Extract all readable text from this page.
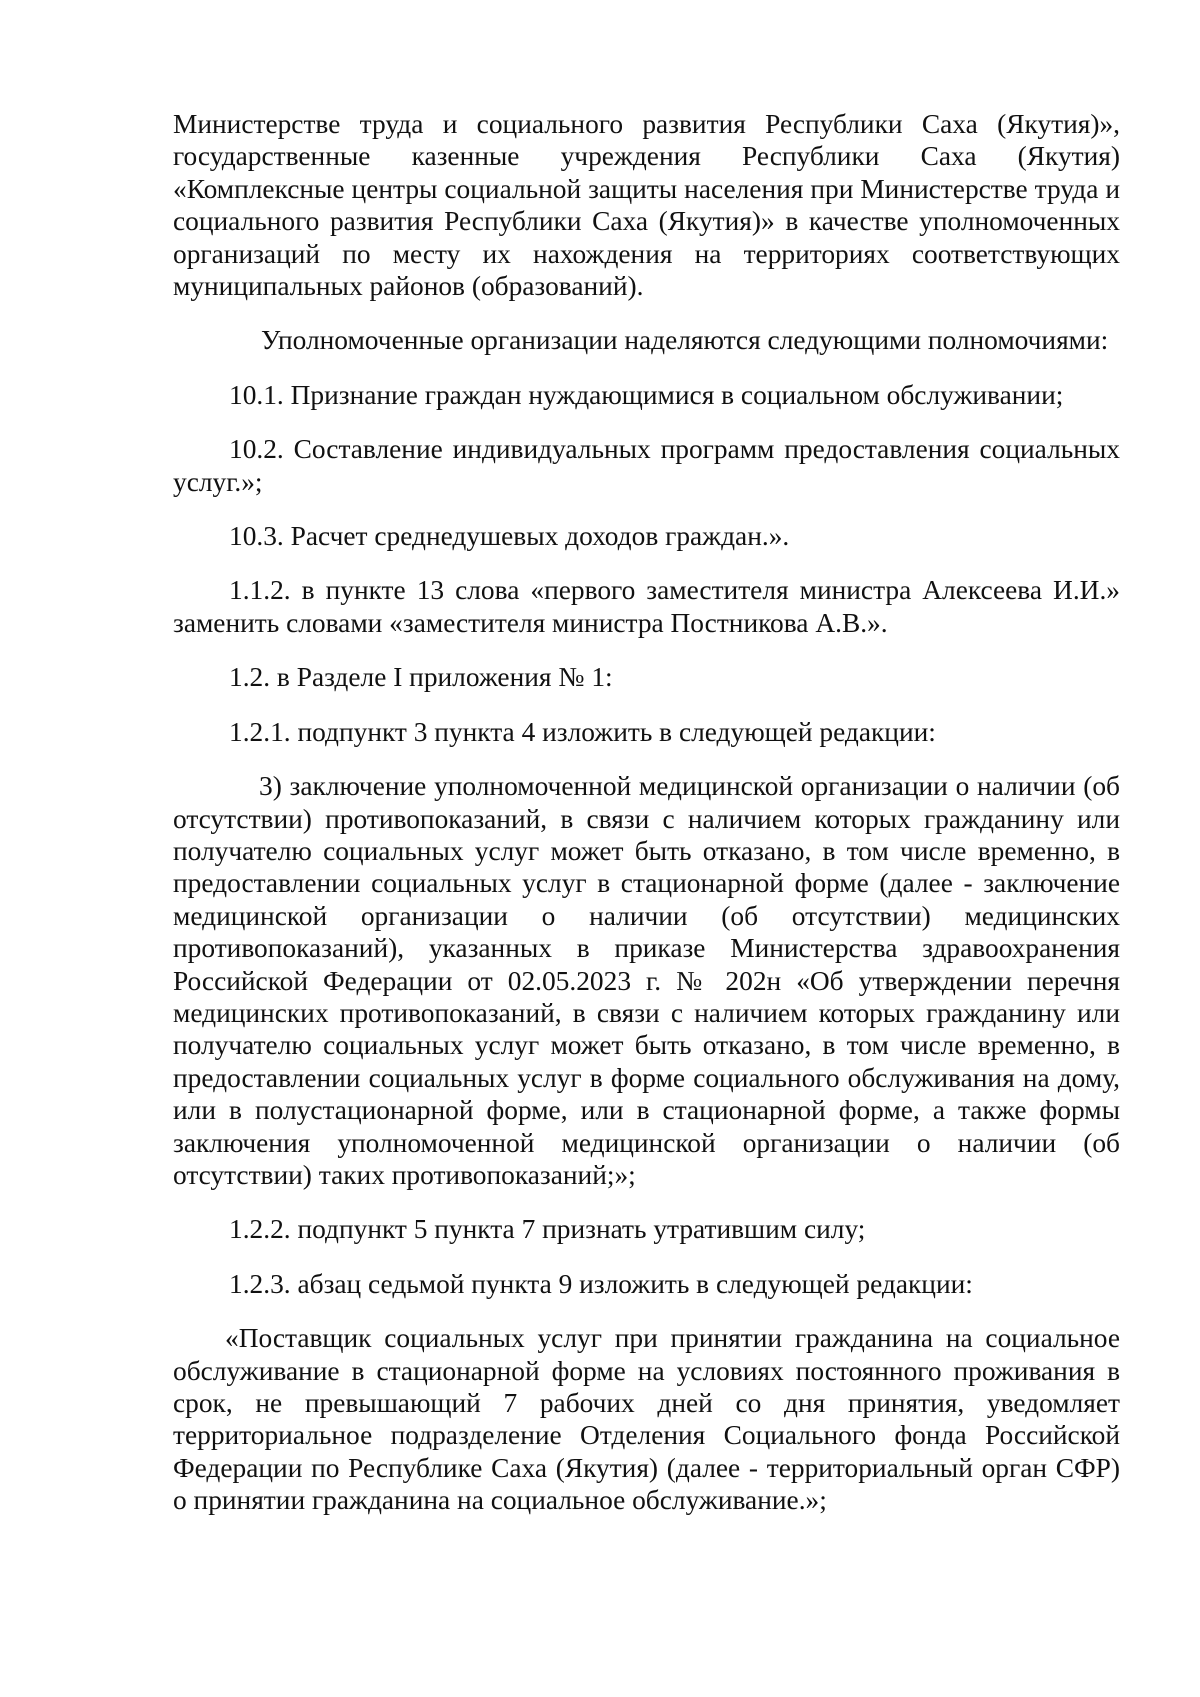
Министерстве труда и социального развития Республики Саха (Якутия)», государственные казенные учреждения Республики Саха (Якутия) «Комплексные центры социальной защиты населения при Министерстве труда и социального развития Республики Саха (Якутия)» в качестве уполномоченных организаций по месту их нахождения на территориях соответствующих муниципальных районов (образований).

Уполномоченные организации наделяются следующими полномочиями:

10.1. Признание граждан нуждающимися в социальном обслуживании;

10.2. Составление индивидуальных программ предоставления социальных услуг.»;

10.3. Расчет среднедушевых доходов граждан.».

1.1.2. в пункте 13 слова «первого заместителя министра Алексеева И.И.» заменить словами «заместителя министра Постникова А.В.».

1.2. в Разделе I приложения № 1:

1.2.1. подпункт 3 пункта 4 изложить в следующей редакции:

3) заключение уполномоченной медицинской организации о наличии (об отсутствии) противопоказаний, в связи с наличием которых гражданину или получателю социальных услуг может быть отказано, в том числе временно, в предоставлении социальных услуг в стационарной форме (далее - заключение медицинской организации о наличии (об отсутствии) медицинских противопоказаний), указанных в приказе Министерства здравоохранения Российской Федерации от 02.05.2023 г. № 202н «Об утверждении перечня медицинских противопоказаний, в связи с наличием которых гражданину или получателю социальных услуг может быть отказано, в том числе временно, в предоставлении социальных услуг в форме социального обслуживания на дому, или в полустационарной форме, или в стационарной форме, а также формы заключения уполномоченной медицинской организации о наличии (об отсутствии) таких противопоказаний;»;

1.2.2. подпункт 5 пункта 7 признать утратившим силу;

1.2.3. абзац седьмой пункта 9 изложить в следующей редакции:

«Поставщик социальных услуг при принятии гражданина на социальное обслуживание в стационарной форме на условиях постоянного проживания в срок, не превышающий 7 рабочих дней со дня принятия, уведомляет территориальное подразделение Отделения Социального фонда Российской Федерации по Республике Саха (Якутия) (далее - территориальный орган СФР) о принятии гражданина на социальное обслуживание.»;
